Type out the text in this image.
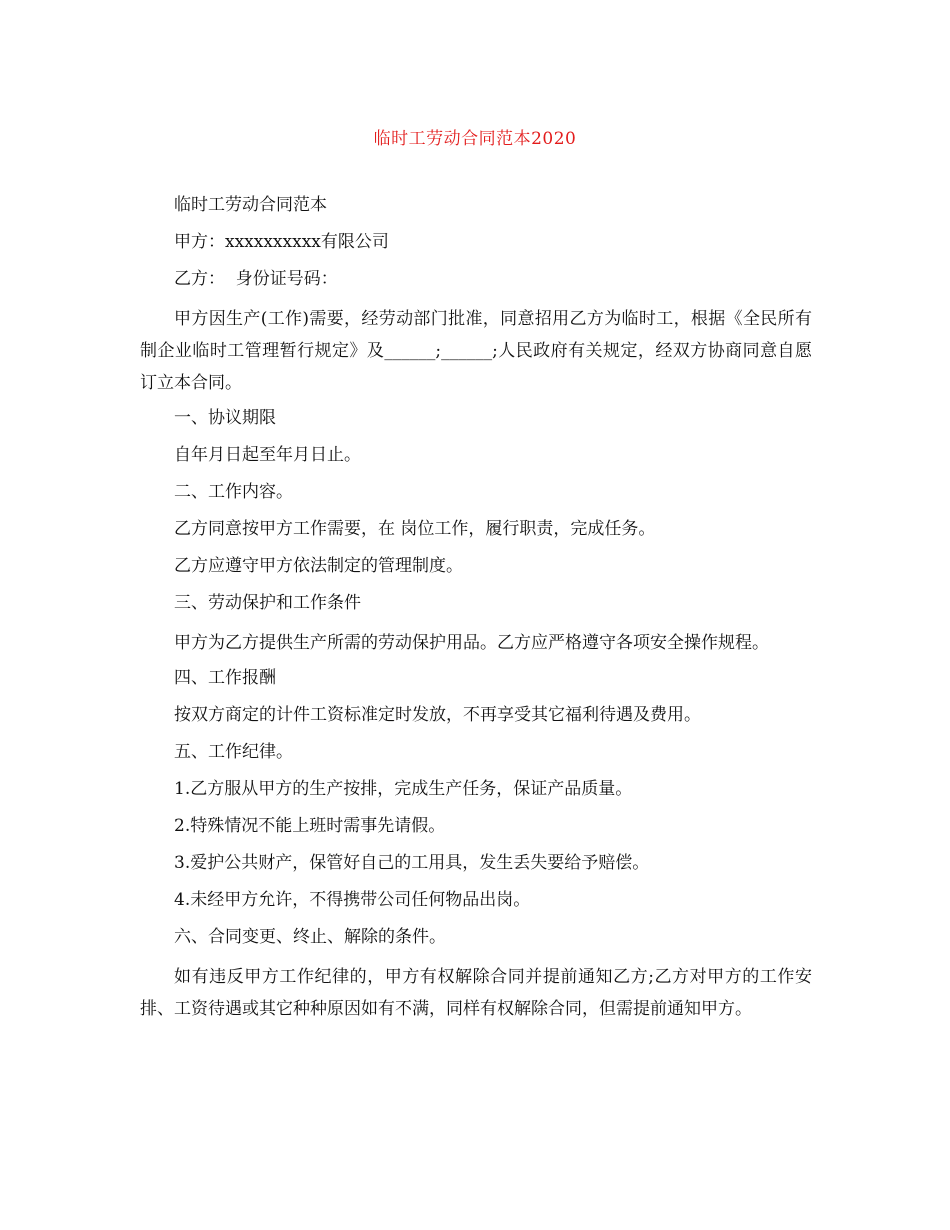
临时工劳动合同范本2020

临时工劳动合同范本

甲方：xxxxxxxxxx有限公司

乙方：  身份证号码：

甲方因生产(工作)需要，经劳动部门批准，同意招用乙方为临时工，根据《全民所有制企业临时工管理暂行规定》及______;______;人民政府有关规定，经双方协商同意自愿订立本合同。

一、协议期限

自年月日起至年月日止。

二、工作内容。

乙方同意按甲方工作需要，在 岗位工作，履行职责，完成任务。

乙方应遵守甲方依法制定的管理制度。

三、劳动保护和工作条件

甲方为乙方提供生产所需的劳动保护用品。乙方应严格遵守各项安全操作规程。

四、工作报酬

按双方商定的计件工资标准定时发放，不再享受其它福利待遇及费用。

五、工作纪律。

1.乙方服从甲方的生产按排，完成生产任务，保证产品质量。

2.特殊情况不能上班时需事先请假。

3.爱护公共财产，保管好自己的工用具，发生丢失要给予赔偿。

4.未经甲方允许，不得携带公司任何物品出岗。

六、合同变更、终止、解除的条件。

如有违反甲方工作纪律的，甲方有权解除合同并提前通知乙方;乙方对甲方的工作安排、工资待遇或其它种种原因如有不满，同样有权解除合同，但需提前通知甲方。
